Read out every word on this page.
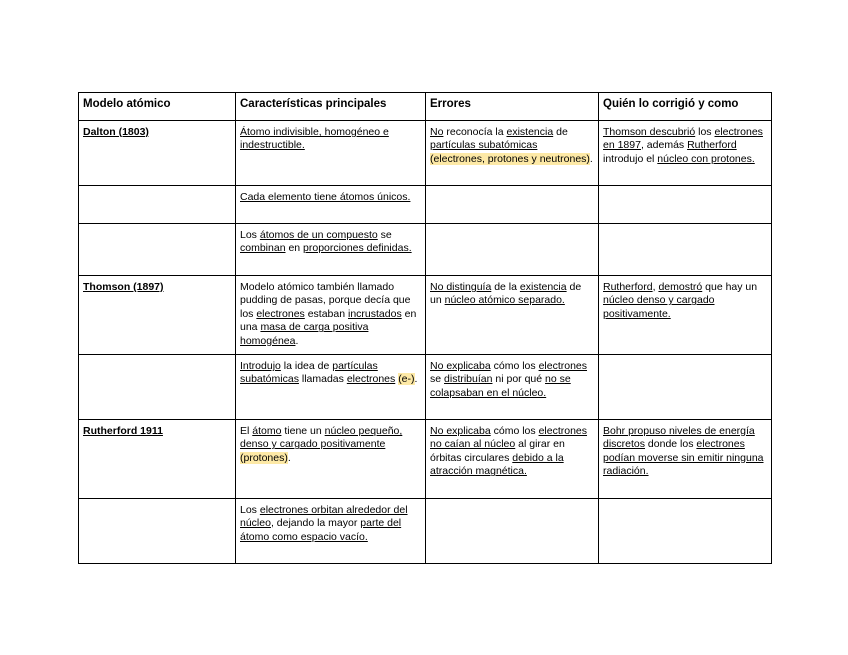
Modelo atómico	Características principales	Errores	Quién lo corrigió y como
Dalton (1803)	Átomo indivisible, homogéneo e indestructible.	No reconocía la existencia de partículas subatómicas (electrones, protones y neutrones).	Thomson descubrió los electrones en 1897, además Rutherford introdujo el núcleo con protones.
	Cada elemento tiene átomos únicos.		
	Los átomos de un compuesto se combinan en proporciones definidas.		
Thomson (1897)	Modelo atómico también llamado pudding de pasas, porque decía que los electrones estaban incrustados en una masa de carga positiva homogénea.	No distinguía de la existencia de un núcleo atómico separado.	Rutherford, demostró que hay un núcleo denso y cargado positivamente.
	Introdujo la idea de partículas subatómicas llamadas electrones (e-).	No explicaba cómo los electrones se distribuían ni por qué no se colapsaban en el núcleo.	
Rutherford 1911	El átomo tiene un núcleo pequeño, denso y cargado positivamente (protones).	No explicaba cómo los electrones no caían al núcleo al girar en órbitas circulares debido a la atracción magnética.	Bohr propuso niveles de energía discretos donde los electrones podían moverse sin emitir ninguna radiación.
	Los electrones orbitan alrededor del núcleo, dejando la mayor parte del átomo como espacio vacío.		
